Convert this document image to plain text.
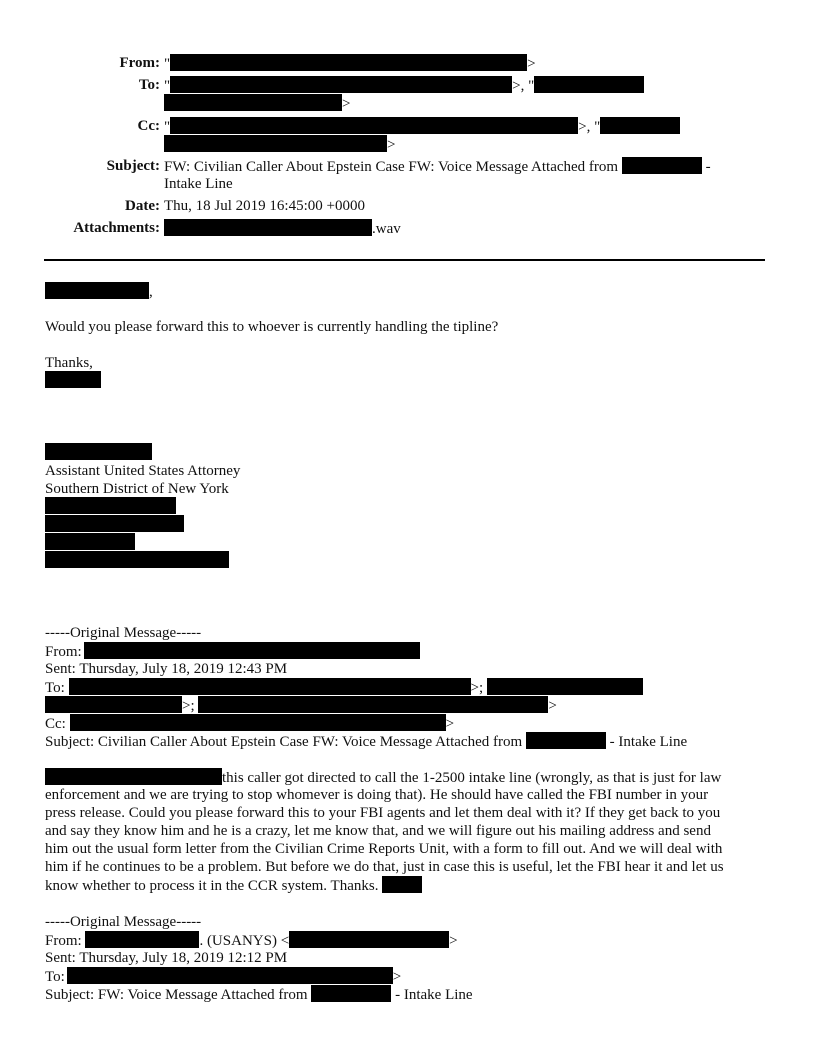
From: "	>
To: "	>, "
>
Cc: "	>, "
>
Subject: FW: Civilian Caller About Epstein Case FW: Voice Message Attached from	-
Intake Line
Date: Thu, 18 Jul 2019 16:45:00 +0000
Attachments:	.wav
,
Would you please forward this to whoever is currently handling the tipline?
Thanks,
Assistant United States Attorney
Southern District of New York
-----Original Message-----
From:
Sent: Thursday, July 18, 2019 12:43 PM
To:	>;
>;	>
Cc:	>
Subject: Civilian Caller About Epstein Case FW: Voice Message Attached from	- Intake Line
this caller got directed to call the 1-2500 intake line (wrongly, as that is just for law
enforcement and we are trying to stop whomever is doing that). He should have called the FBI number in your
press release. Could you please forward this to your FBI agents and let them deal with it? If they get back to you
and say they know him and he is a crazy, let me know that, and we will figure out his mailing address and send
him out the usual form letter from the Civilian Crime Reports Unit, with a form to fill out. And we will deal with
him if he continues to be a problem. But before we do that, just in case this is useful, let the FBI hear it and let us
know whether to process it in the CCR system. Thanks.
-----Original Message-----
From:	. (USANYS) <	>
Sent: Thursday, July 18, 2019 12:12 PM
To:	>
Subject: FW: Voice Message Attached from	- Intake Line
